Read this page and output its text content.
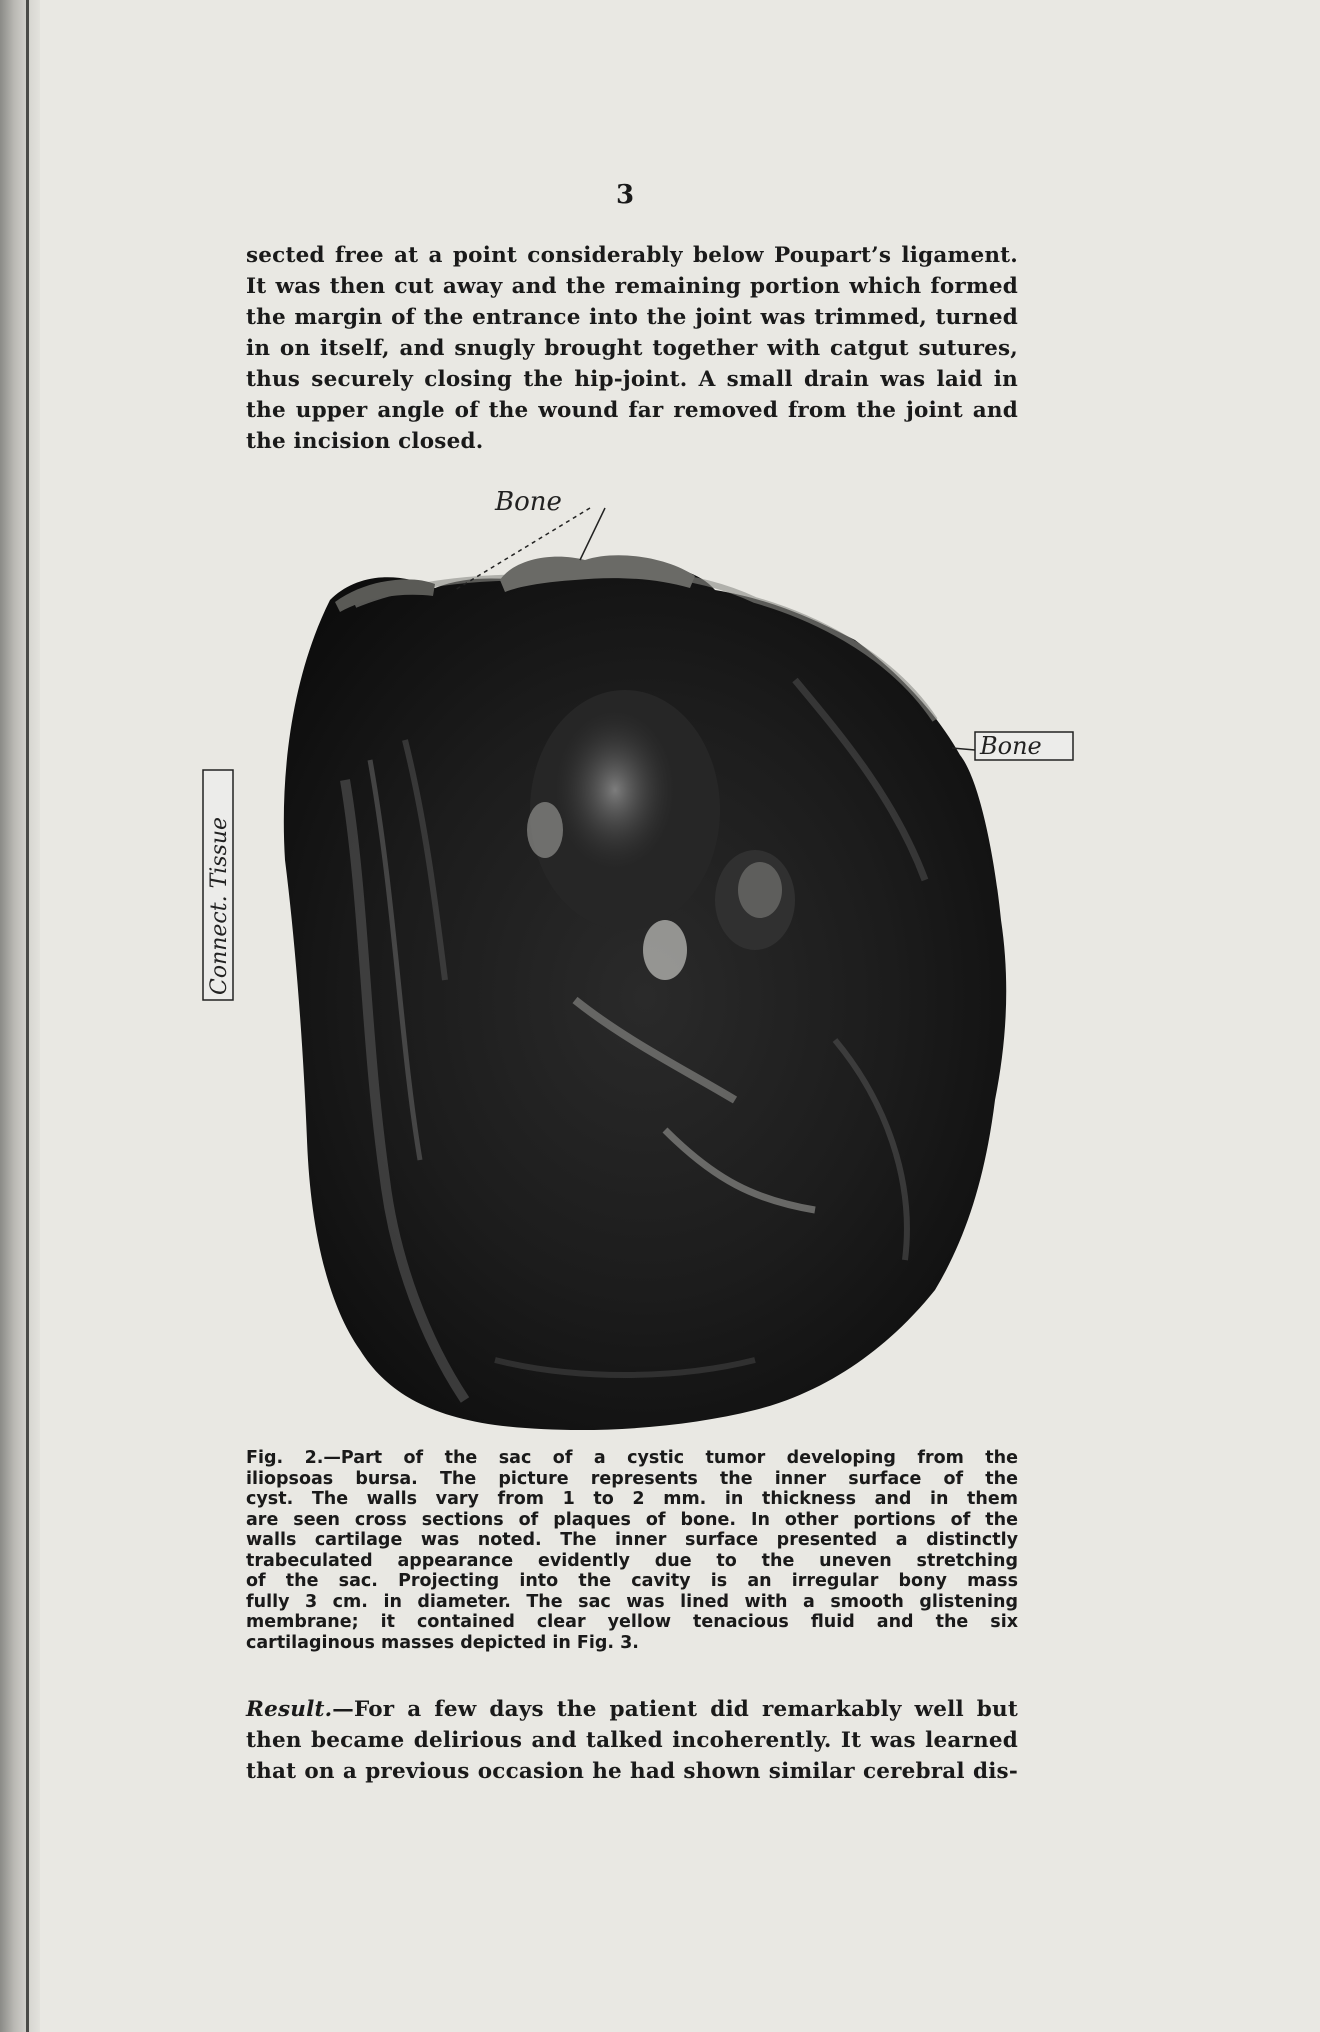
3
sected free at a point considerably below Poupart’s ligament.
It was then cut away and the remaining portion which formed
the margin of the entrance into the joint was trimmed, turned
in on itself, and snugly brought together with catgut sutures,
thus securely closing the hip-joint. A small drain was laid in
the upper angle of the wound far removed from the joint and
the incision closed.
Bone
Bone
Connect. Tissue
Fig. 2.—Part of the sac of a cystic tumor developing from the
iliopsoas bursa. The picture represents the inner surface of the
cyst. The walls vary from 1 to 2 mm. in thickness and in them
are seen cross sections of plaques of bone. In other portions of the
walls cartilage was noted. The inner surface presented a distinctly
trabeculated appearance evidently due to the uneven stretching
of the sac. Projecting into the cavity is an irregular bony mass
fully 3 cm. in diameter. The sac was lined with a smooth glistening
membrane; it contained clear yellow tenacious fluid and the six
cartilaginous masses depicted in Fig. 3.
Result.—For a few days the patient did remarkably well but
then became delirious and talked incoherently. It was learned
that on a previous occasion he had shown similar cerebral dis-
